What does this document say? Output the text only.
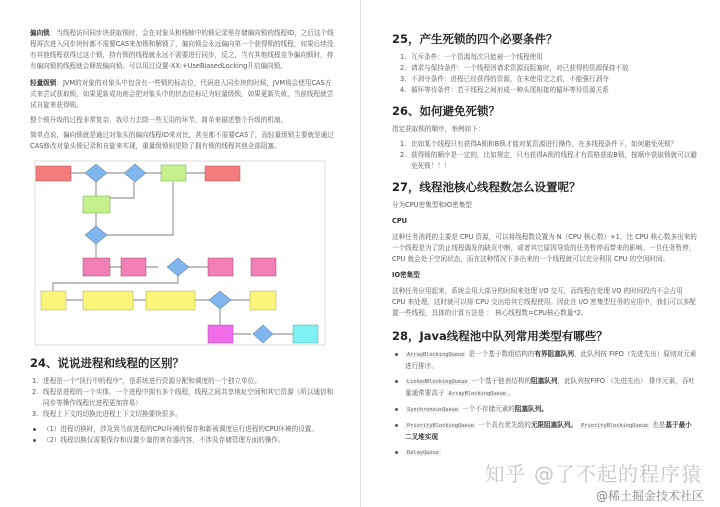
偏向锁：当线程访问同步块获取锁时，会在对象头和栈帧中的锁记录里存储偏向锁的线程ID，之后这个线程再次进入同步块时都不需要CAS来加锁和解锁了，偏向锁会永远偏向第一个获得锁的线程，如果后续没有其他线程获得过这个锁，持有锁的线程就永远不需要进行同步，反之，当有其他线程竞争偏向锁时，持有偏向锁的线程就会释放偏向锁。可以用过设置-XX:+UseBiasedLocking开启偏向锁。
轻量级锁：JVM的对象的对象头中包含有一些锁的标志位，代码进入同步块的时候，JVM将会使用CAS方式来尝试获取锁，如果更新成功则会把对象头中的状态位标记为轻量级锁，如果更新失败，当前线程就尝试自旋来获得锁。
整个锁升级的过程非常复杂，我尽力去除一些无用的环节，简单来描述整个升级的机制。
简单点说，偏向锁就是通过对象头的偏向线程ID来对比，甚至都不需要CAS了，而轻量级锁主要就是通过CAS修改对象头锁记录和自旋来实现，重量级锁则是除了拥有锁的线程其他全部阻塞。
24、说说进程和线程的区别？
1. 进程是一个“执行中的程序”，是系统进行资源分配和调度的一个独立单位。
2. 线程是进程的一个实体，一个进程中拥有多个线程，线程之间共享地址空间和其它资源（所以通信和同步等操作线程比进程更加容易）
3. 线程上下文的切换比进程上下文切换要快很多。
（1）进程切换时，涉及到当前进程的CPU环境的保存和新被调度运行进程的CPU环境的设置。
（2）线程切换仅需要保存和设置少量的寄存器内容，不涉及存储管理方面的操作。
25，产生死锁的四个必要条件？
1. 互斥条件：一个资源每次只能被一个线程使用
2. 请求与保持条件：一个线程因请求资源而阻塞时，对已获得的资源保持不放
3. 不剥夺条件：进程已经获得的资源，在未使用完之前，不能强行剥夺
4. 循环等待条件：若干线程之间形成一种头尾相接的循环等待资源关系
26、如何避免死锁？
指定获取锁的顺序，举例如下：
1. 比如某个线程只有获得A锁和B锁才能对某资源进行操作，在多线程条件下，如何避免死锁？
2. 获得锁的顺序是一定的，比如规定，只有获得A锁的线程才有资格获取B锁，按顺序获取锁就可以避免死锁！！！
27，线程池核心线程数怎么设置呢？
分为CPU密集型和IO密集型
CPU
这种任务消耗的主要是 CPU 资源，可以将线程数设置为 N（CPU 核心数）+1，比 CPU 核心数多出来的一个线程是为了防止线程偶发的缺页中断，或者其它原因导致的任务暂停而带来的影响。一旦任务暂停，CPU 就会处于空闲状态，而在这种情况下多出来的一个线程就可以充分利用 CPU 的空闲时间。
IO密集型
这种任务应用起来，系统会用大部分的时间来处理 I/O 交互，而线程在处理 I/O 的时间段内不会占用 CPU 来处理，这时就可以将 CPU 交出给其它线程使用。因此在 I/O 密集型任务的应用中，我们可以多配置一些线程，具体的计算方法是 ： 核心线程数=CPU核心数量*2。
28，Java线程池中队列常用类型有哪些？
ArrayBlockingQueue 是一个基于数组结构的有界阻塞队列，此队列按 FIFO（先进先出）原则对元素进行排序。
LinkedBlockingQueue 一个基于链表结构的阻塞队列，此队列按FIFO （先进先出） 排序元素，吞吐量通常要高于 ArrayBlockingQueue 。
SynchronousQueue 一个不存储元素的阻塞队列。
PriorityBlockingQueue 一个具有优先级的无限阻塞队列。 PriorityBlockingQueue 也是基于最小二叉堆实现
DelayQueue
知乎 @了不起的程序猿
@稀土掘金技术社区
